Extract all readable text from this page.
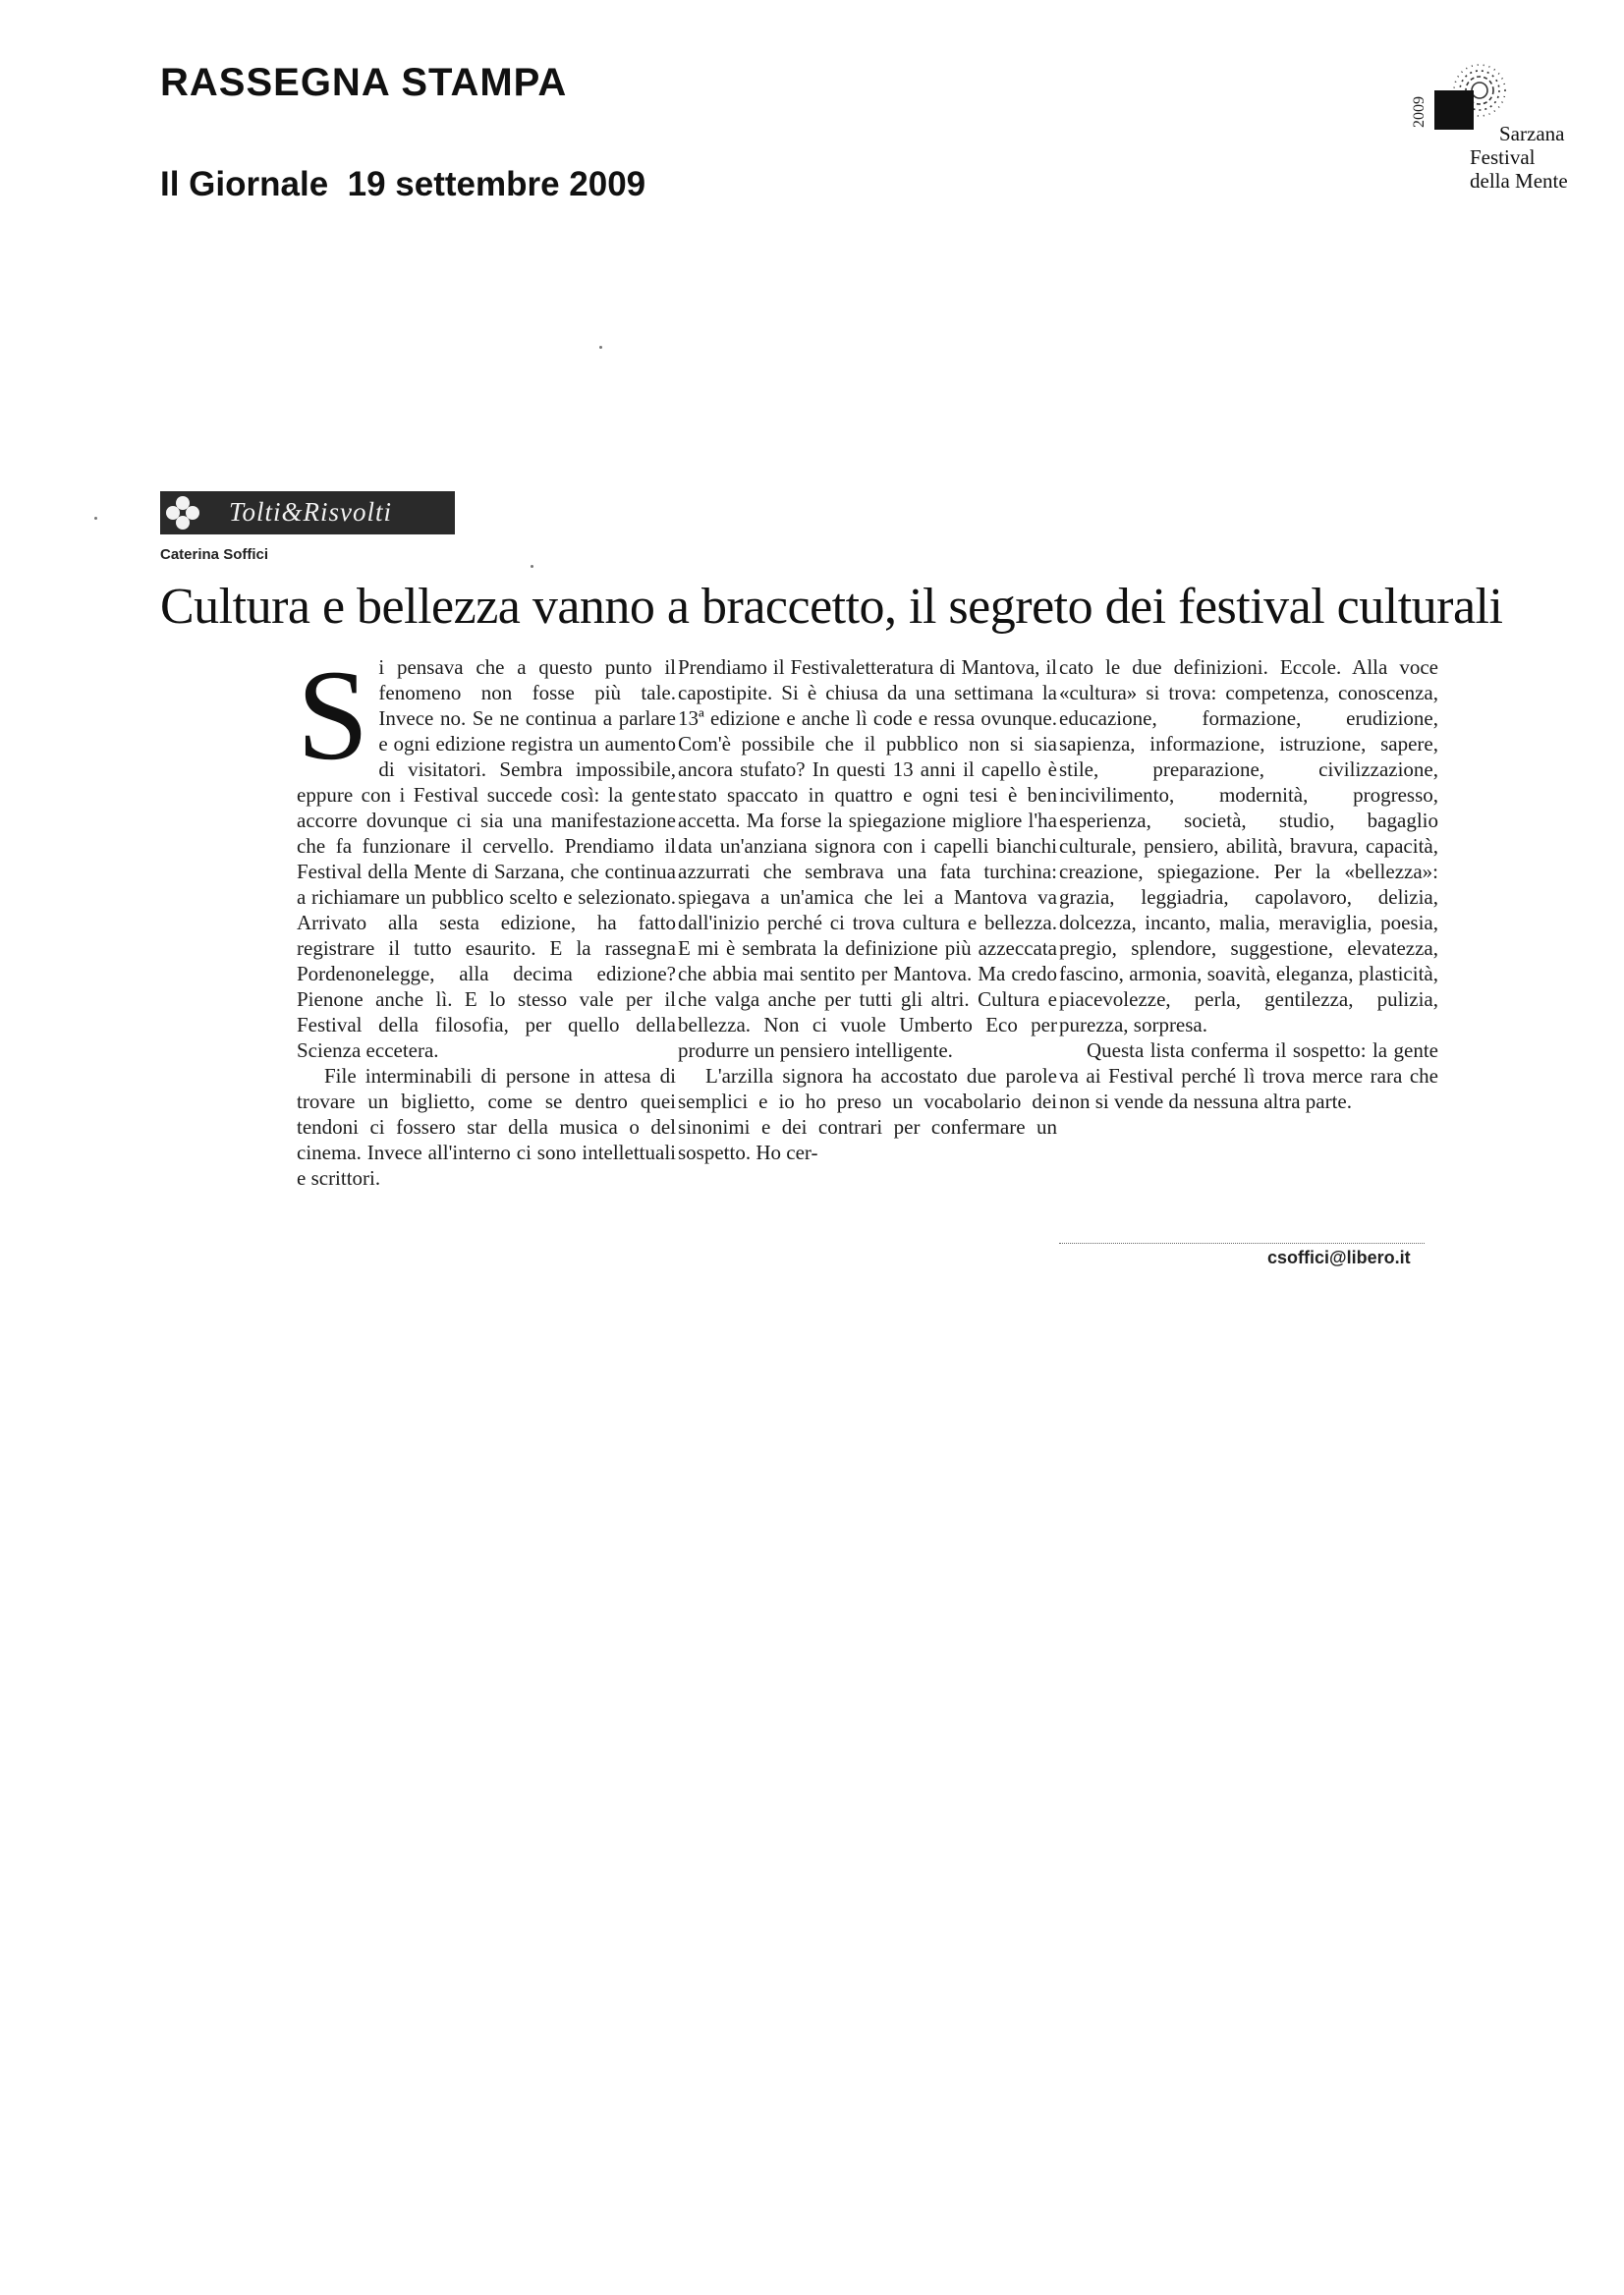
RASSEGNA STAMPA
Il Giornale  19 settembre 2009
2009
Sarzana
Festival
della Mente
Tolti&Risvolti
Caterina Soffici
Cultura e bellezza vanno a braccetto, il segreto dei festival culturali
S i pensava che a questo punto il fenomeno non fosse più tale. Invece no. Se ne continua a parlare e ogni edizione registra un aumento di visitatori. Sembra impossibile, eppure con i Festival succede così: la gente accorre dovunque ci sia una manifestazione che fa funzionare il cervello. Prendiamo il Festival della Mente di Sarzana, che continua a richiamare un pubblico scelto e selezionato. Arrivato alla sesta edizione, ha fatto registrare il tutto esaurito. E la rassegna Pordenonelegge, alla decima edizione? Pienone anche lì. E lo stesso vale per il Festival della filosofia, per quello della Scienza eccetera.

File interminabili di persone in attesa di trovare un biglietto, come se dentro quei tendoni ci fossero star della musica o del cinema. Invece all'interno ci sono intellettuali e scrittori.

Prendiamo il Festivaletteratura di Mantova, il capostipite. Si è chiusa da una settimana la 13ª edizione e anche lì code e ressa ovunque. Com'è possibile che il pubblico non si sia ancora stufato? In questi 13 anni il capello è stato spaccato in quattro e ogni tesi è ben accetta. Ma forse la spiegazione migliore l'ha data un'anziana signora con i capelli bianchi azzurrati che sembrava una fata turchina: spiegava a un'amica che lei a Mantova va dall'inizio perché ci trova cultura e bellezza. E mi è sembrata la definizione più azzeccata che abbia mai sentito per Mantova. Ma credo che valga anche per tutti gli altri. Cultura e bellezza. Non ci vuole Umberto Eco per produrre un pensiero intelligente.

L'arzilla signora ha accostato due parole semplici e io ho preso un vocabolario dei sinonimi e dei contrari per confermare un sospetto. Ho cer-

cato le due definizioni. Eccole. Alla voce «cultura» si trova: competenza, conoscenza, educazione, formazione, erudizione, sapienza, informazione, istruzione, sapere, stile, preparazione, civilizzazione, incivilimento, modernità, progresso, esperienza, società, studio, bagaglio culturale, pensiero, abilità, bravura, capacità, creazione, spiegazione. Per la «bellezza»: grazia, leggiadria, capolavoro, delizia, dolcezza, incanto, malia, meraviglia, poesia, pregio, splendore, suggestione, elevatezza, fascino, armonia, soavità, eleganza, plasticità, piacevolezze, perla, gentilezza, pulizia, purezza, sorpresa.

Questa lista conferma il sospetto: la gente va ai Festival perché lì trova merce rara che non si vende da nessuna altra parte.

csoffici@libero.it
